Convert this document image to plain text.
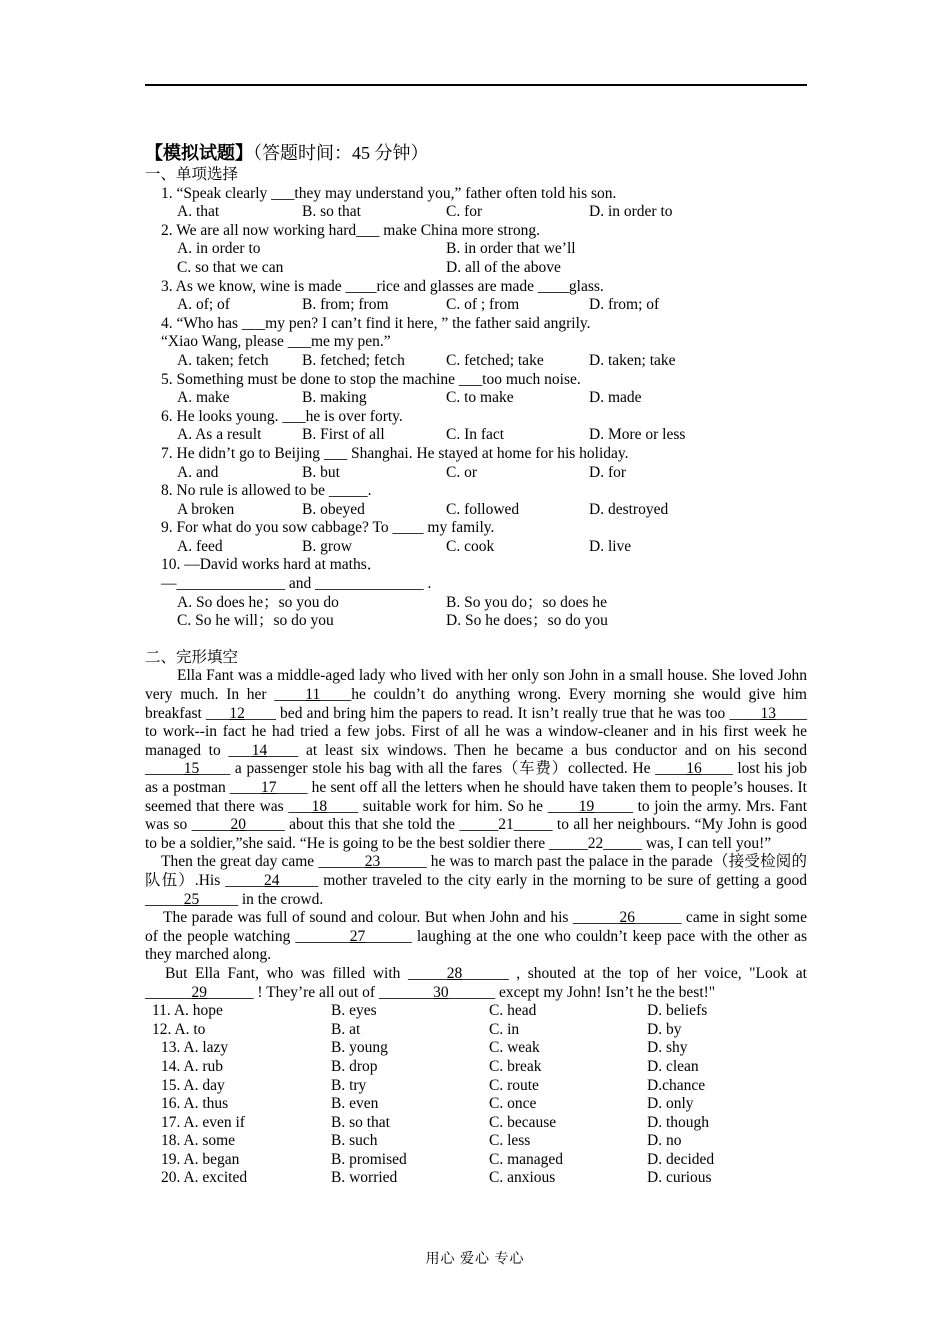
【模拟试题】（答题时间：45 分钟）
一、单项选择
1. “Speak clearly ___they may understand you,” father often told his son.
A. that	B. so that	C. for	D. in order to
2. We are all now working hard___ make China more strong.
A. in order to	B. in order that we’ll
C. so that we can	D. all of the above
3. As we know, wine is made ____rice and glasses are made ____glass.
A. of; of	B. from; from	C. of ; from	D. from; of
4. “Who has ___my pen? I can’t find it here, ” the father said angrily.
“Xiao Wang, please ___me my pen.”
A. taken; fetch B. fetched; fetch	C. fetched; take	D. taken; take
5. Something must be done to stop the machine ___too much noise.
A. make	B. making	C. to make	D. made
6. He looks young. ___he is over forty.
A. As a result	B. First of all	C. In fact	D. More or less
7. He didn’t go to Beijing ___ Shanghai. He stayed at home for his holiday.
A. and	B. but	C. or	D. for
8. No rule is allowed to be _____.
A broken	B. obeyed	C. followed	D. destroyed
9. For what do you sow cabbage? To ____ my family.
A. feed	B. grow	C. cook	D. live
10. —David works hard at maths．
—______________ and ______________ .
A. So does he；so you do	B. So you do；so does he
C. So he will；so do you	D. So he does；so do you
二、完形填空
Ella Fant was a middle-aged lady who lived with her only son John in a small house. She loved John very much. In her ____11____he couldn’t do anything wrong. Every morning she would give him breakfast ___12____ bed and bring him the papers to read. It isn’t really true that he was too ____13____ to work--in fact he had tried a few jobs. First of all he was a window-cleaner and in his first week he managed to ___14____ at least six windows. Then he became a bus conductor and on his second _____15____ a passenger stole his bag with all the fares（车费）collected. He ____16____ lost his job as a postman ____17____ he sent off all the letters when he should have taken them to people’s houses. It seemed that there was ___18____ suitable work for him. So he ____19_____ to join the army. Mrs. Fant was so _____20_____ about this that she told the _____21_____ to all her neighbours. “My John is good to be a soldier,”she said. “He is going to be the best soldier there _____22_____ was, I can tell you!”
Then the great day came ______23______ he was to march past the palace in the parade（接受检阅的队伍）.His _____24_____ mother traveled to the city early in the morning to be sure of getting a good _____25_____ in the crowd.
The parade was full of sound and colour. But when John and his ______26______ came in sight some of the people watching _______27______ laughing at the one who couldn’t keep pace with the other as they marched along.
But Ella Fant, who was filled with _____28______ , shouted at the top of her voice, "Look at ______29______ ! They’re all out of _______30______ except my John! Isn’t he the best!"
11. A. hope	B. eyes	C. head	D. beliefs
12. A. to	B. at	C. in	D. by
13. A. lazy	B. young	C. weak	D. shy
14. A. rub	B. drop	C. break	D. clean
15. A. day	B. try	C. route	D.chance
16. A. thus	B. even	C. once	D. only
17. A. even if	B. so that	C. because	D. though
18. A. some	B. such	C. less	D. no
19. A. began	B. promised	C. managed	D. decided
20. A. excited	B. worried	C. anxious	D. curious
用心 爱心 专心
